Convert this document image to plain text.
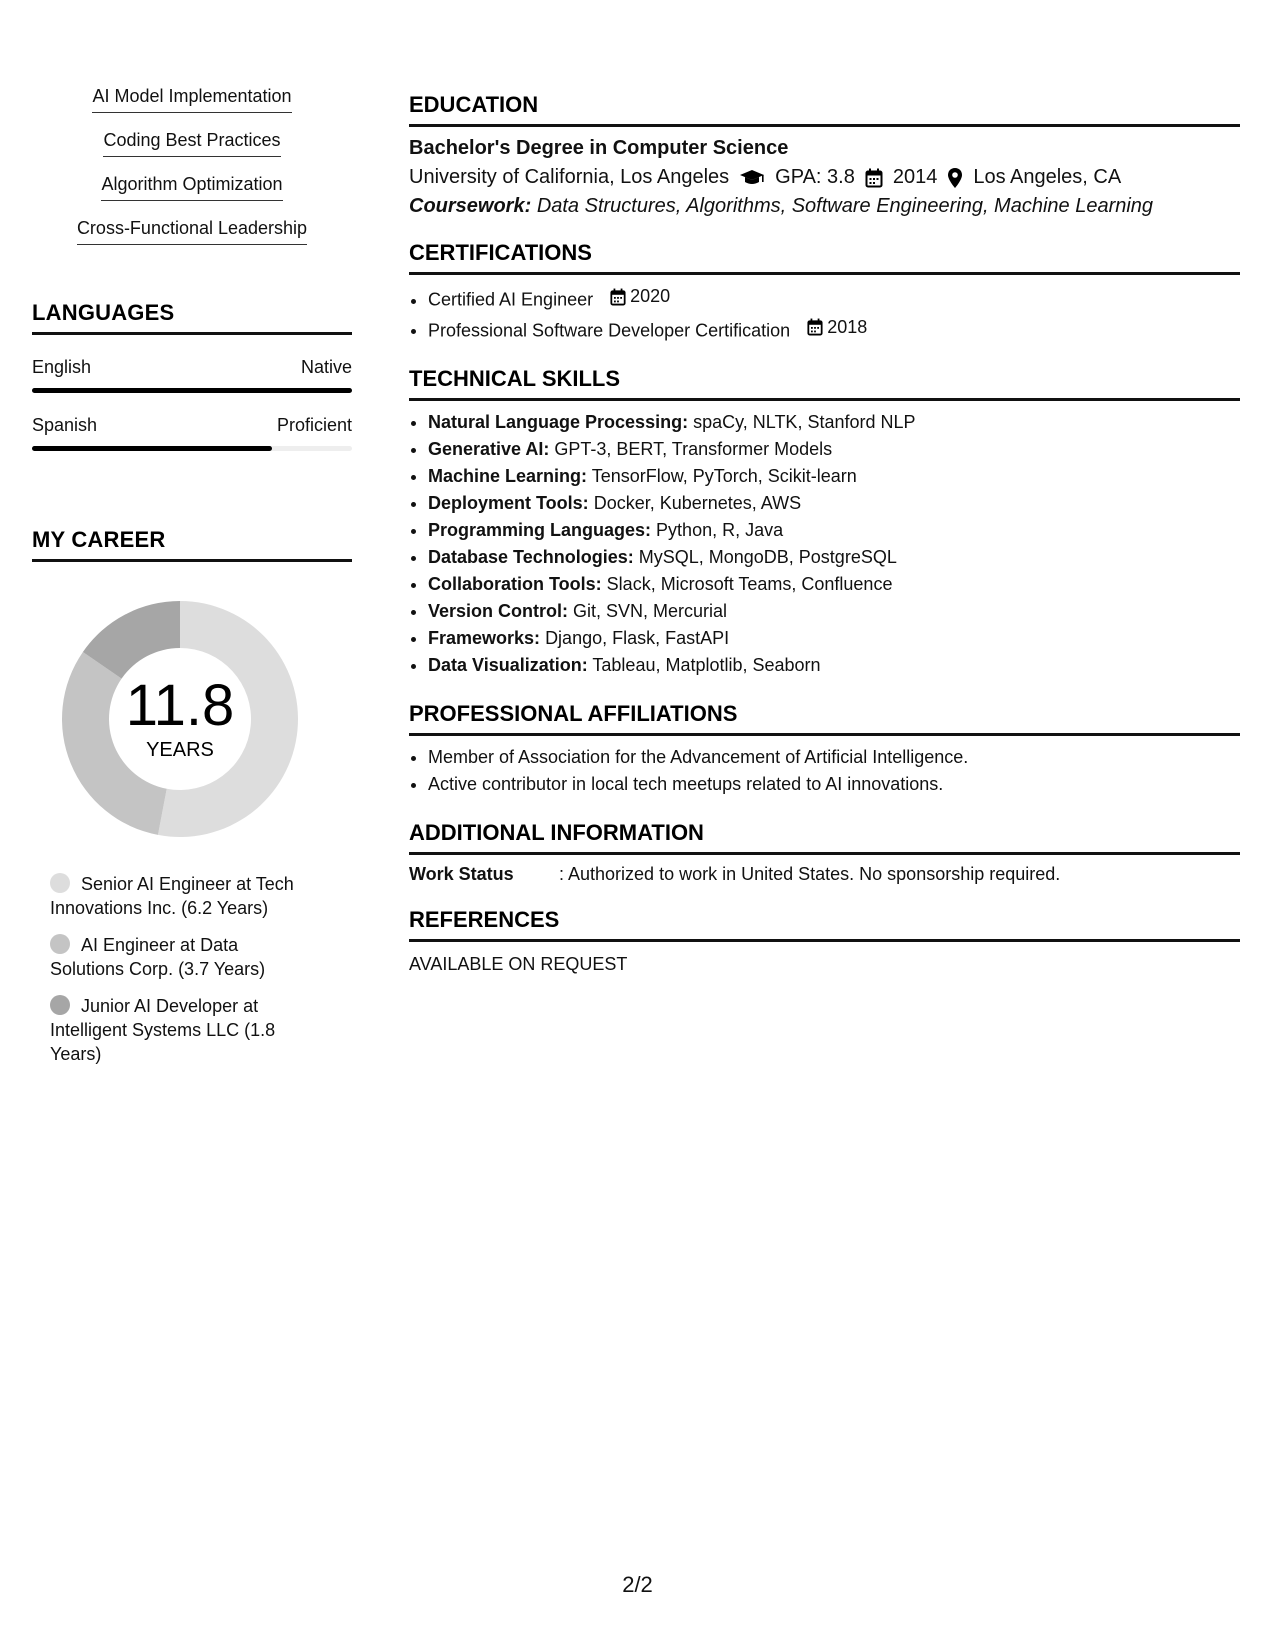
AI Model Implementation
Coding Best Practices
Algorithm Optimization
Cross-Functional Leadership
LANGUAGES
English	Native
Spanish	Proficient
MY CAREER
11.8
YEARS
Senior AI Engineer at Tech Innovations Inc. (6.2 Years)
AI Engineer at Data Solutions Corp. (3.7 Years)
Junior AI Developer at Intelligent Systems LLC (1.8 Years)
EDUCATION
Bachelor's Degree in Computer Science
University of California, Los Angeles GPA: 3.8 2014 Los Angeles, CA
Coursework: Data Structures, Algorithms, Software Engineering, Machine Learning
CERTIFICATIONS
• Certified AI Engineer 2020
• Professional Software Developer Certification 2018
TECHNICAL SKILLS
• Natural Language Processing: spaCy, NLTK, Stanford NLP
• Generative AI: GPT-3, BERT, Transformer Models
• Machine Learning: TensorFlow, PyTorch, Scikit-learn
• Deployment Tools: Docker, Kubernetes, AWS
• Programming Languages: Python, R, Java
• Database Technologies: MySQL, MongoDB, PostgreSQL
• Collaboration Tools: Slack, Microsoft Teams, Confluence
• Version Control: Git, SVN, Mercurial
• Frameworks: Django, Flask, FastAPI
• Data Visualization: Tableau, Matplotlib, Seaborn
PROFESSIONAL AFFILIATIONS
• Member of Association for the Advancement of Artificial Intelligence.
• Active contributor in local tech meetups related to AI innovations.
ADDITIONAL INFORMATION
Work Status	: Authorized to work in United States. No sponsorship required.
REFERENCES
AVAILABLE ON REQUEST
2/2
